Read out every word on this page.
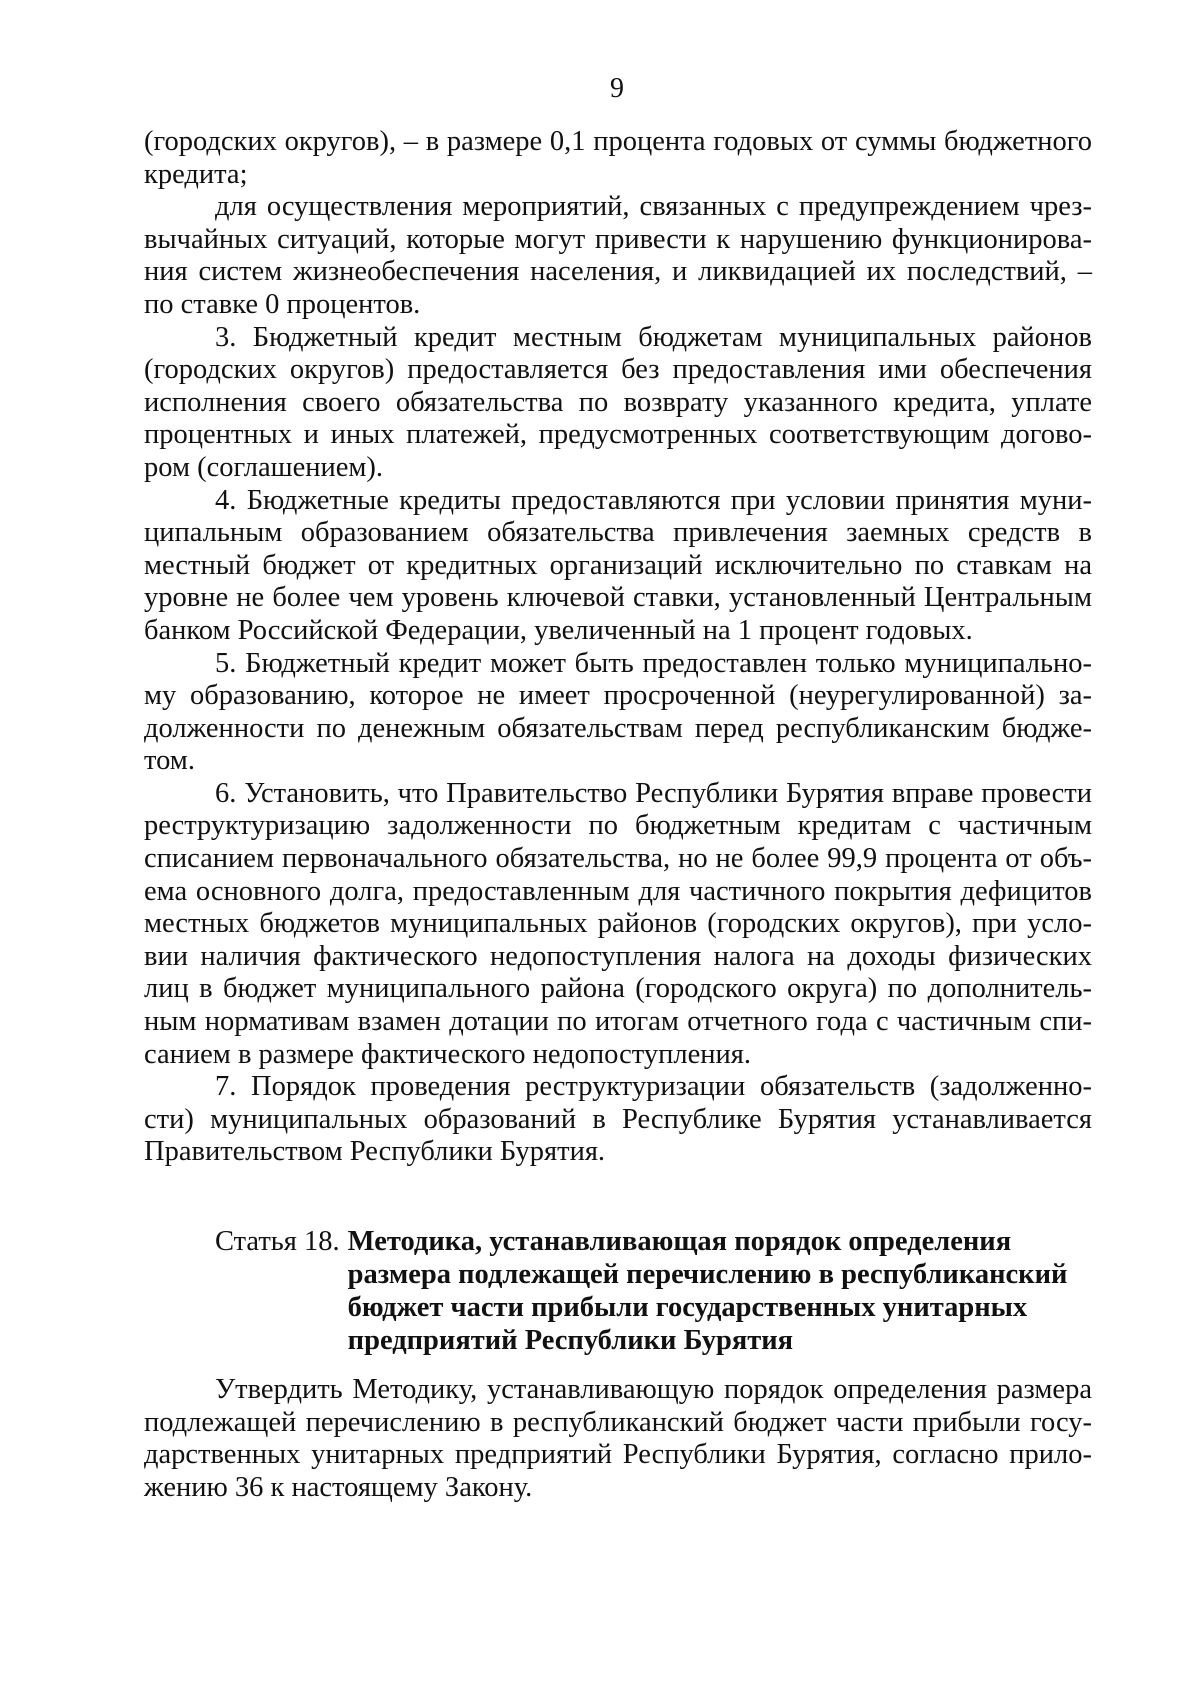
9

(городских округов), – в размере 0,1 процента годовых от суммы бюджетного
кредита;

для осуществления мероприятий, связанных с предупреждением чрез-
вычайных ситуаций, которые могут привести к нарушению функционирова-
ния систем жизнеобеспечения населения, и ликвидацией их последствий, –
по ставке 0 процентов.

3. Бюджетный кредит местным бюджетам муниципальных районов
(городских округов) предоставляется без предоставления ими обеспечения
исполнения своего обязательства по возврату указанного кредита, уплате
процентных и иных платежей, предусмотренных соответствующим догово-
ром (соглашением).

4. Бюджетные кредиты предоставляются при условии принятия муни-
ципальным образованием обязательства привлечения заемных средств в
местный бюджет от кредитных организаций исключительно по ставкам на
уровне не более чем уровень ключевой ставки, установленный Центральным
банком Российской Федерации, увеличенный на 1 процент годовых.

5. Бюджетный кредит может быть предоставлен только муниципально-
му образованию, которое не имеет просроченной (неурегулированной) за-
долженности по денежным обязательствам перед республиканским бюдже-
том.

6. Установить, что Правительство Республики Бурятия вправе провести
реструктуризацию задолженности по бюджетным кредитам с частичным
списанием первоначального обязательства, но не более 99,9 процента от объ-
ема основного долга, предоставленным для частичного покрытия дефицитов
местных бюджетов муниципальных районов (городских округов), при усло-
вии наличия фактического недопоступления налога на доходы физических
лиц в бюджет муниципального района (городского округа) по дополнитель-
ным нормативам взамен дотации по итогам отчетного года с частичным спи-
санием в размере фактического недопоступления.

7. Порядок проведения реструктуризации обязательств (задолженно-
сти) муниципальных образований в Республике Бурятия устанавливается
Правительством Республики Бурятия.

Статья 18. Методика, устанавливающая порядок определения
размера подлежащей перечислению в республиканский
бюджет части прибыли государственных унитарных
предприятий Республики Бурятия

Утвердить Методику, устанавливающую порядок определения размера
подлежащей перечислению в республиканский бюджет части прибыли госу-
дарственных унитарных предприятий Республики Бурятия, согласно прило-
жению 36 к настоящему Закону.
